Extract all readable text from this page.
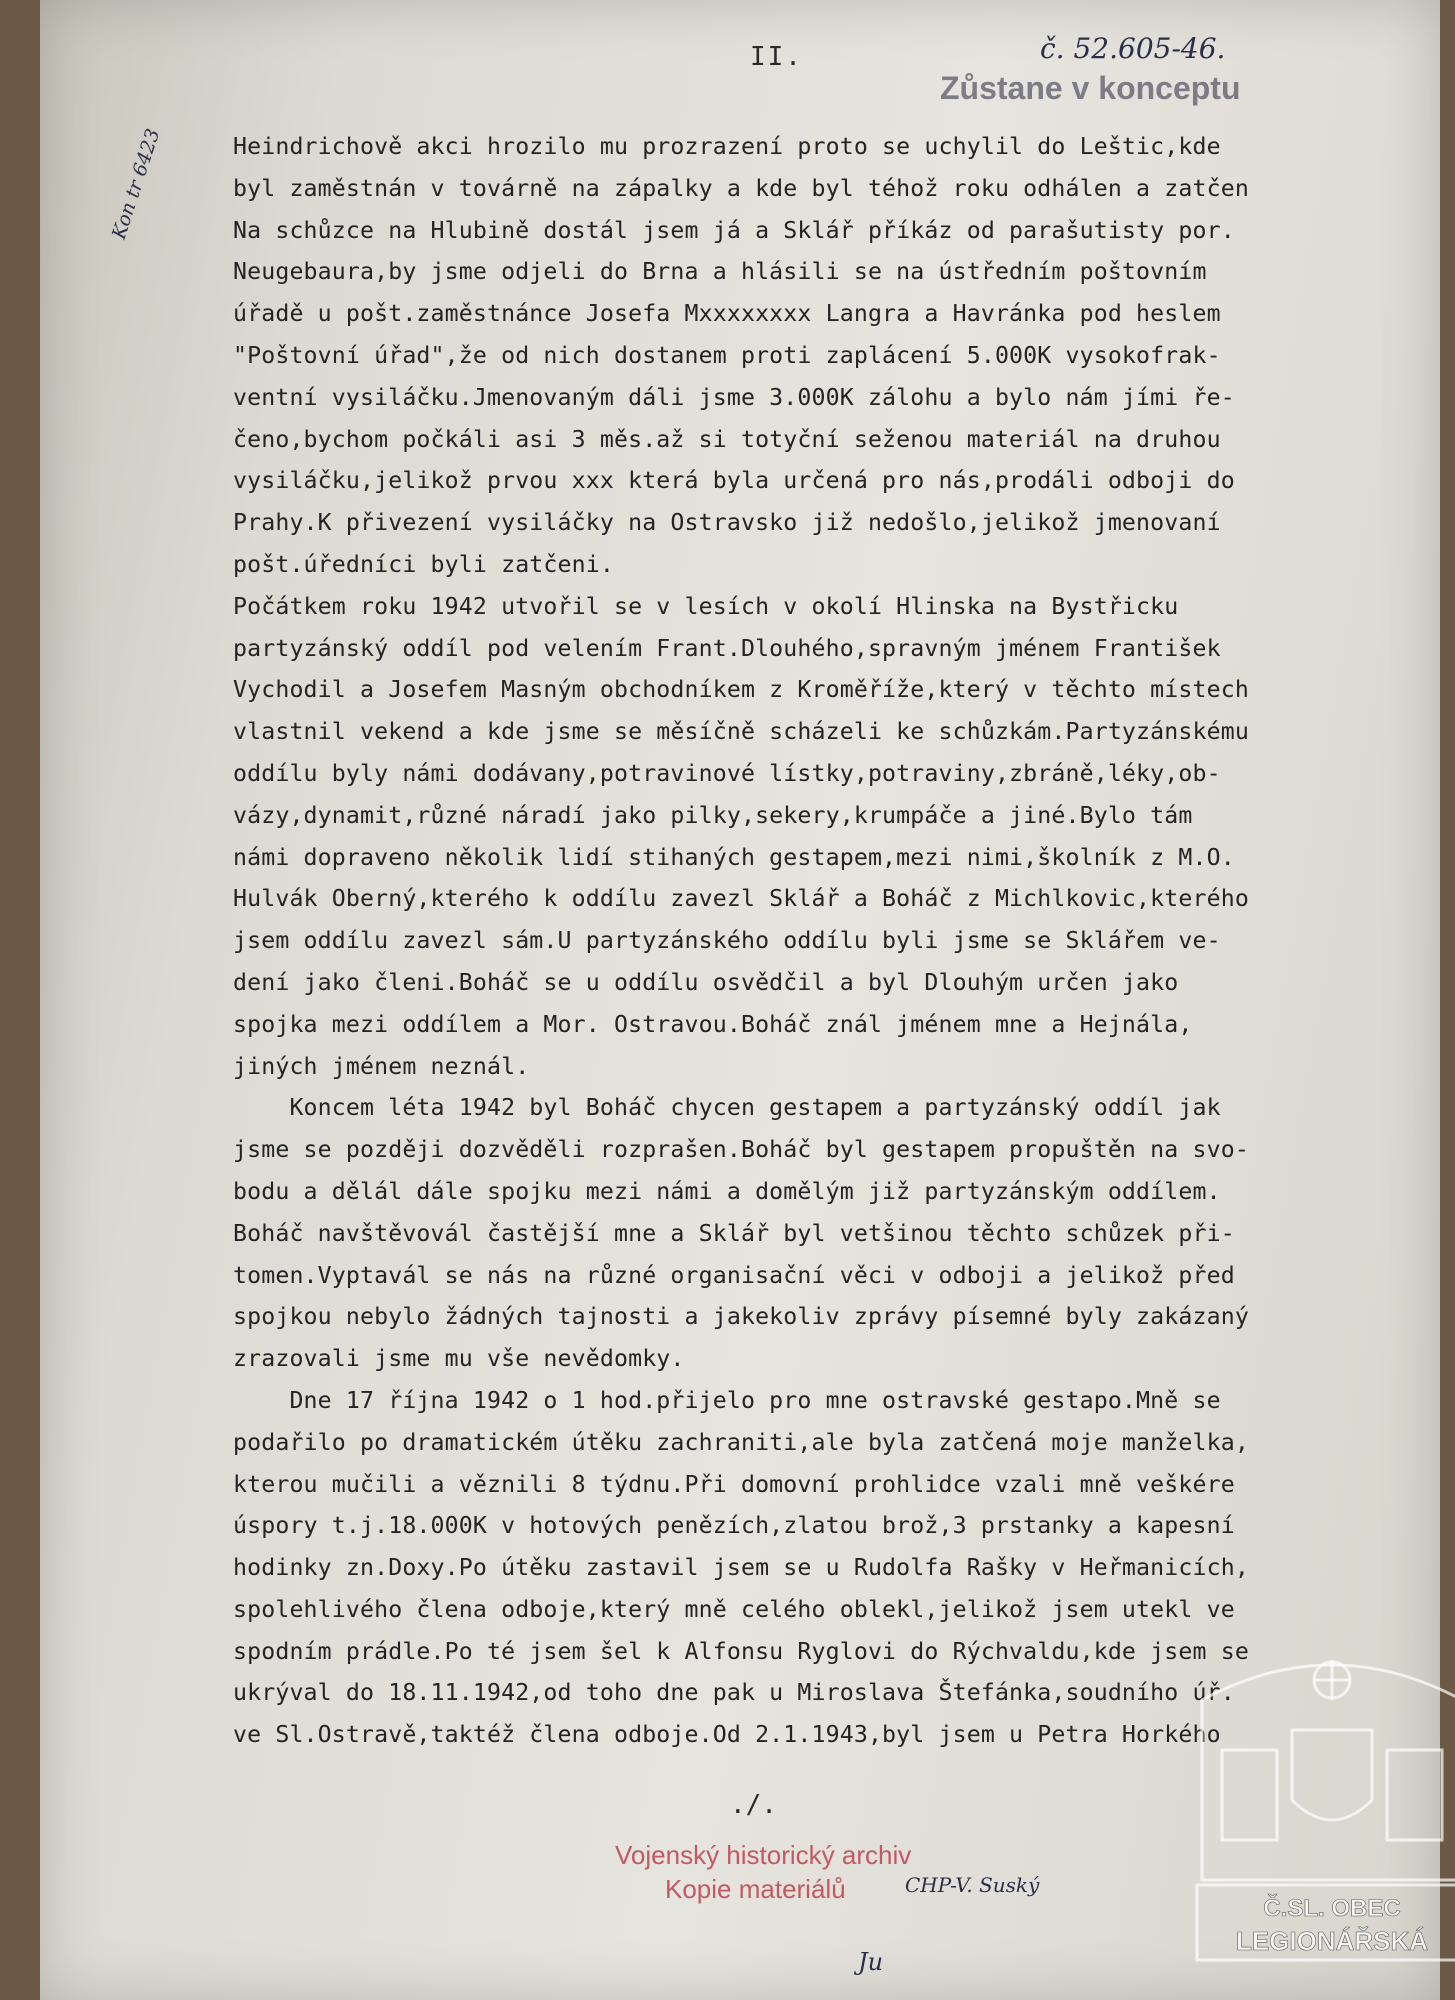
II.	č. 52.605-46.
Zůstane v konceptu
Kon tr 6423	Heindrichově akci hrozilo mu prozrazení proto se uchylil do Leštic,kde
byl zaměstnán v továrně na zápalky a kde byl téhož roku odhálen a zatčen
Na schůzce na Hlubině dostál jsem já a Sklář příkáz od parašutisty por.
Neugebaura,by jsme odjeli do Brna a hlásili se na ústředním poštovním
úřadě u pošt.zaměstnánce Josefa Mxxxxxxxx Langra a Havránka pod heslem
"Poštovní úřad",že od nich dostanem proti zaplácení 5.000K vysokofrak-
ventní vysiláčku.Jmenovaným dáli jsme 3.000K zálohu a bylo nám jími ře-
čeno,bychom počkáli asi 3 měs.až si totyční seženou materiál na druhou
vysiláčku,jelikož prvou xxx která byla určená pro nás,prodáli odboji do
Prahy.K přivezení vysiláčky na Ostravsko již nedošlo,jelikož jmenovaní
pošt.úředníci byli zatčeni.
Počátkem roku 1942 utvořil se v lesích v okolí Hlinska na Bystřicku
partyzánský oddíl pod velením Frant.Dlouhého,spravným jménem František
Vychodil a Josefem Masným obchodníkem z Kroměříže,který v těchto místech
vlastnil vekend a kde jsme se měsíčně scházeli ke schůzkám.Partyzánskému
oddílu byly námi dodávany,potravinové lístky,potraviny,zbráně,léky,ob-
vázy,dynamit,různé náradí jako pilky,sekery,krumpáče a jiné.Bylo tám
námi dopraveno několik lidí stihaných gestapem,mezi nimi,školník z M.O.
Hulvák Oberný,kterého k oddílu zavezl Sklář a Boháč z Michlkovic,kterého
jsem oddílu zavezl sám.U partyzánského oddílu byli jsme se Sklářem ve-
dení jako členi.Boháč se u oddílu osvědčil a byl Dlouhým určen jako
spojka mezi oddílem a Mor. Ostravou.Boháč znál jménem mne a Hejnála,
jiných jménem neznál.
Koncem léta 1942 byl Boháč chycen gestapem a partyzánský oddíl jak
jsme se později dozvěděli rozprašen.Boháč byl gestapem propuštěn na svo-
bodu a dělál dále spojku mezi námi a domělým již partyzánským oddílem.
Boháč navštěvovál častější mne a Sklář byl vetšinou těchto schůzek při-
tomen.Vyptavál se nás na různé organisační věci v odboji a jelikož před
spojkou nebylo žádných tajnosti a jakekoliv zprávy písemné byly zakázaný
zrazovali jsme mu vše nevědomky.
Dne 17 října 1942 o 1 hod.přijelo pro mne ostravské gestapo.Mně se
podařilo po dramatickém útěku zachraniti,ale byla zatčená moje manželka,
kterou mučili a věznili 8 týdnu.Při domovní prohlidce vzali mně veškére
úspory t.j.18.000K v hotových penězích,zlatou brož,3 prstanky a kapesní
hodinky zn.Doxy.Po útěku zastavil jsem se u Rudolfa Rašky v Heřmanicích,
spolehlivého člena odboje,který mně celého oblekl,jelikož jsem utekl ve
spodním prádle.Po té jsem šel k Alfonsu Ryglovi do Rýchvaldu,kde jsem se
ukrýval do 18.11.1942,od toho dne pak u Miroslava Štefánka,soudního úř.
ve Sl.Ostravě,taktéž člena odboje.Od 2.1.1943,byl jsem u Petra Horkého
./.
Vojenský historický archiv
Kopie materiálů	CHP-V. Suský
Ju
Č.SL. OBEC
LEGIONÁŘSKÁ
